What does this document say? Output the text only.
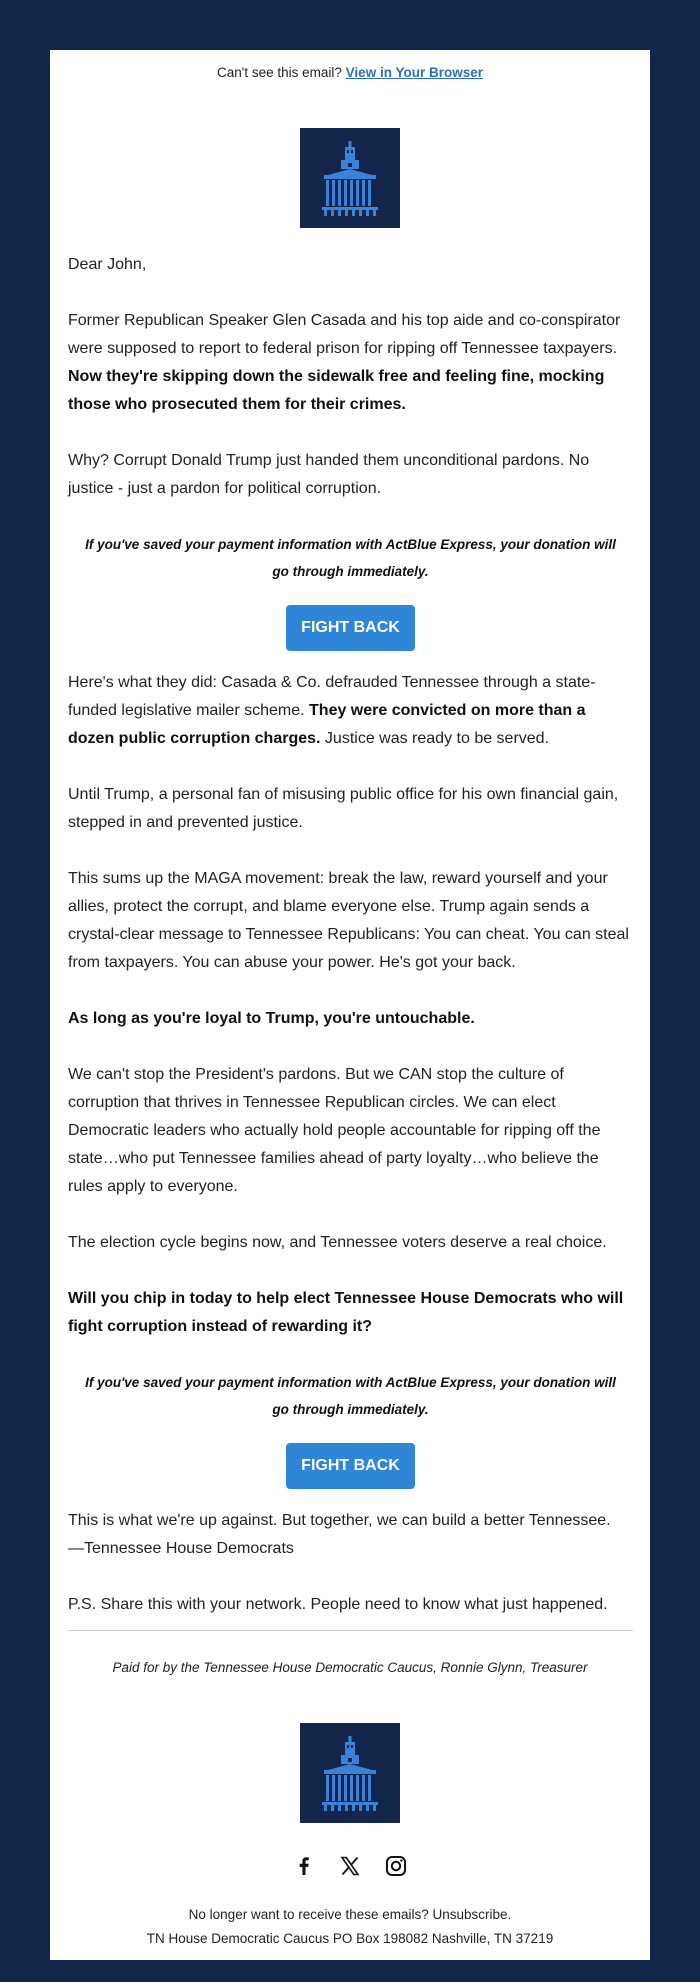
Can't see this email? View in Your Browser

Dear John,

Former Republican Speaker Glen Casada and his top aide and co-conspirator were supposed to report to federal prison for ripping off Tennessee taxpayers. Now they're skipping down the sidewalk free and feeling fine, mocking those who prosecuted them for their crimes.

Why? Corrupt Donald Trump just handed them unconditional pardons. No justice - just a pardon for political corruption.

If you've saved your payment information with ActBlue Express, your donation will go through immediately.

FIGHT BACK

Here's what they did: Casada & Co. defrauded Tennessee through a state-funded legislative mailer scheme. They were convicted on more than a dozen public corruption charges. Justice was ready to be served.

Until Trump, a personal fan of misusing public office for his own financial gain, stepped in and prevented justice.

This sums up the MAGA movement: break the law, reward yourself and your allies, protect the corrupt, and blame everyone else. Trump again sends a crystal-clear message to Tennessee Republicans: You can cheat. You can steal from taxpayers. You can abuse your power. He's got your back.

As long as you're loyal to Trump, you're untouchable.

We can't stop the President's pardons. But we CAN stop the culture of corruption that thrives in Tennessee Republican circles. We can elect Democratic leaders who actually hold people accountable for ripping off the state…who put Tennessee families ahead of party loyalty…who believe the rules apply to everyone.

The election cycle begins now, and Tennessee voters deserve a real choice.

Will you chip in today to help elect Tennessee House Democrats who will fight corruption instead of rewarding it?

If you've saved your payment information with ActBlue Express, your donation will go through immediately.

FIGHT BACK

This is what we're up against. But together, we can build a better Tennessee.
—Tennessee House Democrats

P.S. Share this with your network. People need to know what just happened.

Paid for by the Tennessee House Democratic Caucus, Ronnie Glynn, Treasurer
No longer want to receive these emails? Unsubscribe.
TN House Democratic Caucus PO Box 198082 Nashville, TN 37219
